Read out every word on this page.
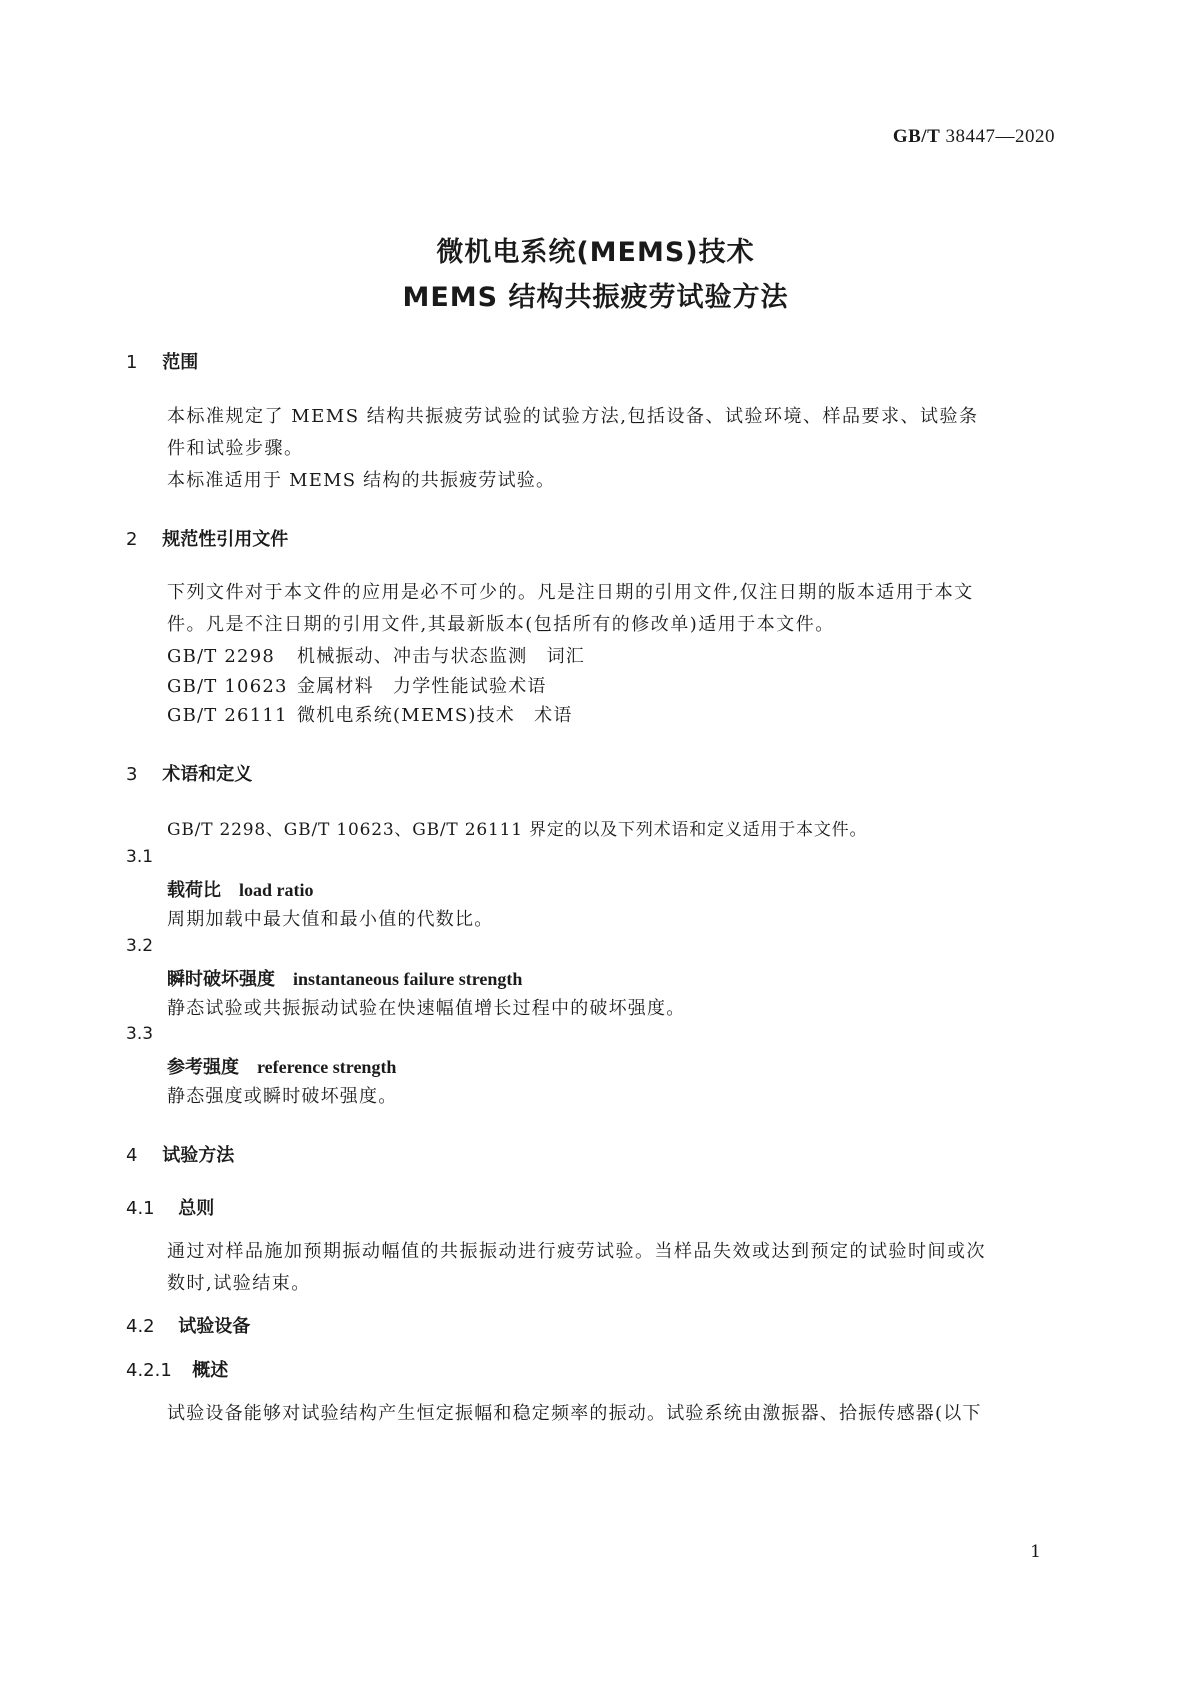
GB/T 38447—2020
微机电系统(MEMS)技术
MEMS 结构共振疲劳试验方法
1 范围
本标准规定了 MEMS 结构共振疲劳试验的试验方法,包括设备、试验环境、样品要求、试验条件和试验步骤。
本标准适用于 MEMS 结构的共振疲劳试验。
2 规范性引用文件
下列文件对于本文件的应用是必不可少的。凡是注日期的引用文件,仅注日期的版本适用于本文件。凡是不注日期的引用文件,其最新版本(包括所有的修改单)适用于本文件。
GB/T 2298 机械振动、冲击与状态监测　词汇
GB/T 10623 金属材料　力学性能试验术语
GB/T 26111 微机电系统(MEMS)技术　术语
3 术语和定义
GB/T 2298、GB/T 10623、GB/T 26111 界定的以及下列术语和定义适用于本文件。
3.1
载荷比 load ratio
周期加载中最大值和最小值的代数比。
3.2
瞬时破坏强度 instantaneous failure strength
静态试验或共振振动试验在快速幅值增长过程中的破坏强度。
3.3
参考强度 reference strength
静态强度或瞬时破坏强度。
4 试验方法
4.1 总则
通过对样品施加预期振动幅值的共振振动进行疲劳试验。当样品失效或达到预定的试验时间或次数时,试验结束。
4.2 试验设备
4.2.1 概述
试验设备能够对试验结构产生恒定振幅和稳定频率的振动。试验系统由激振器、拾振传感器(以下
1
